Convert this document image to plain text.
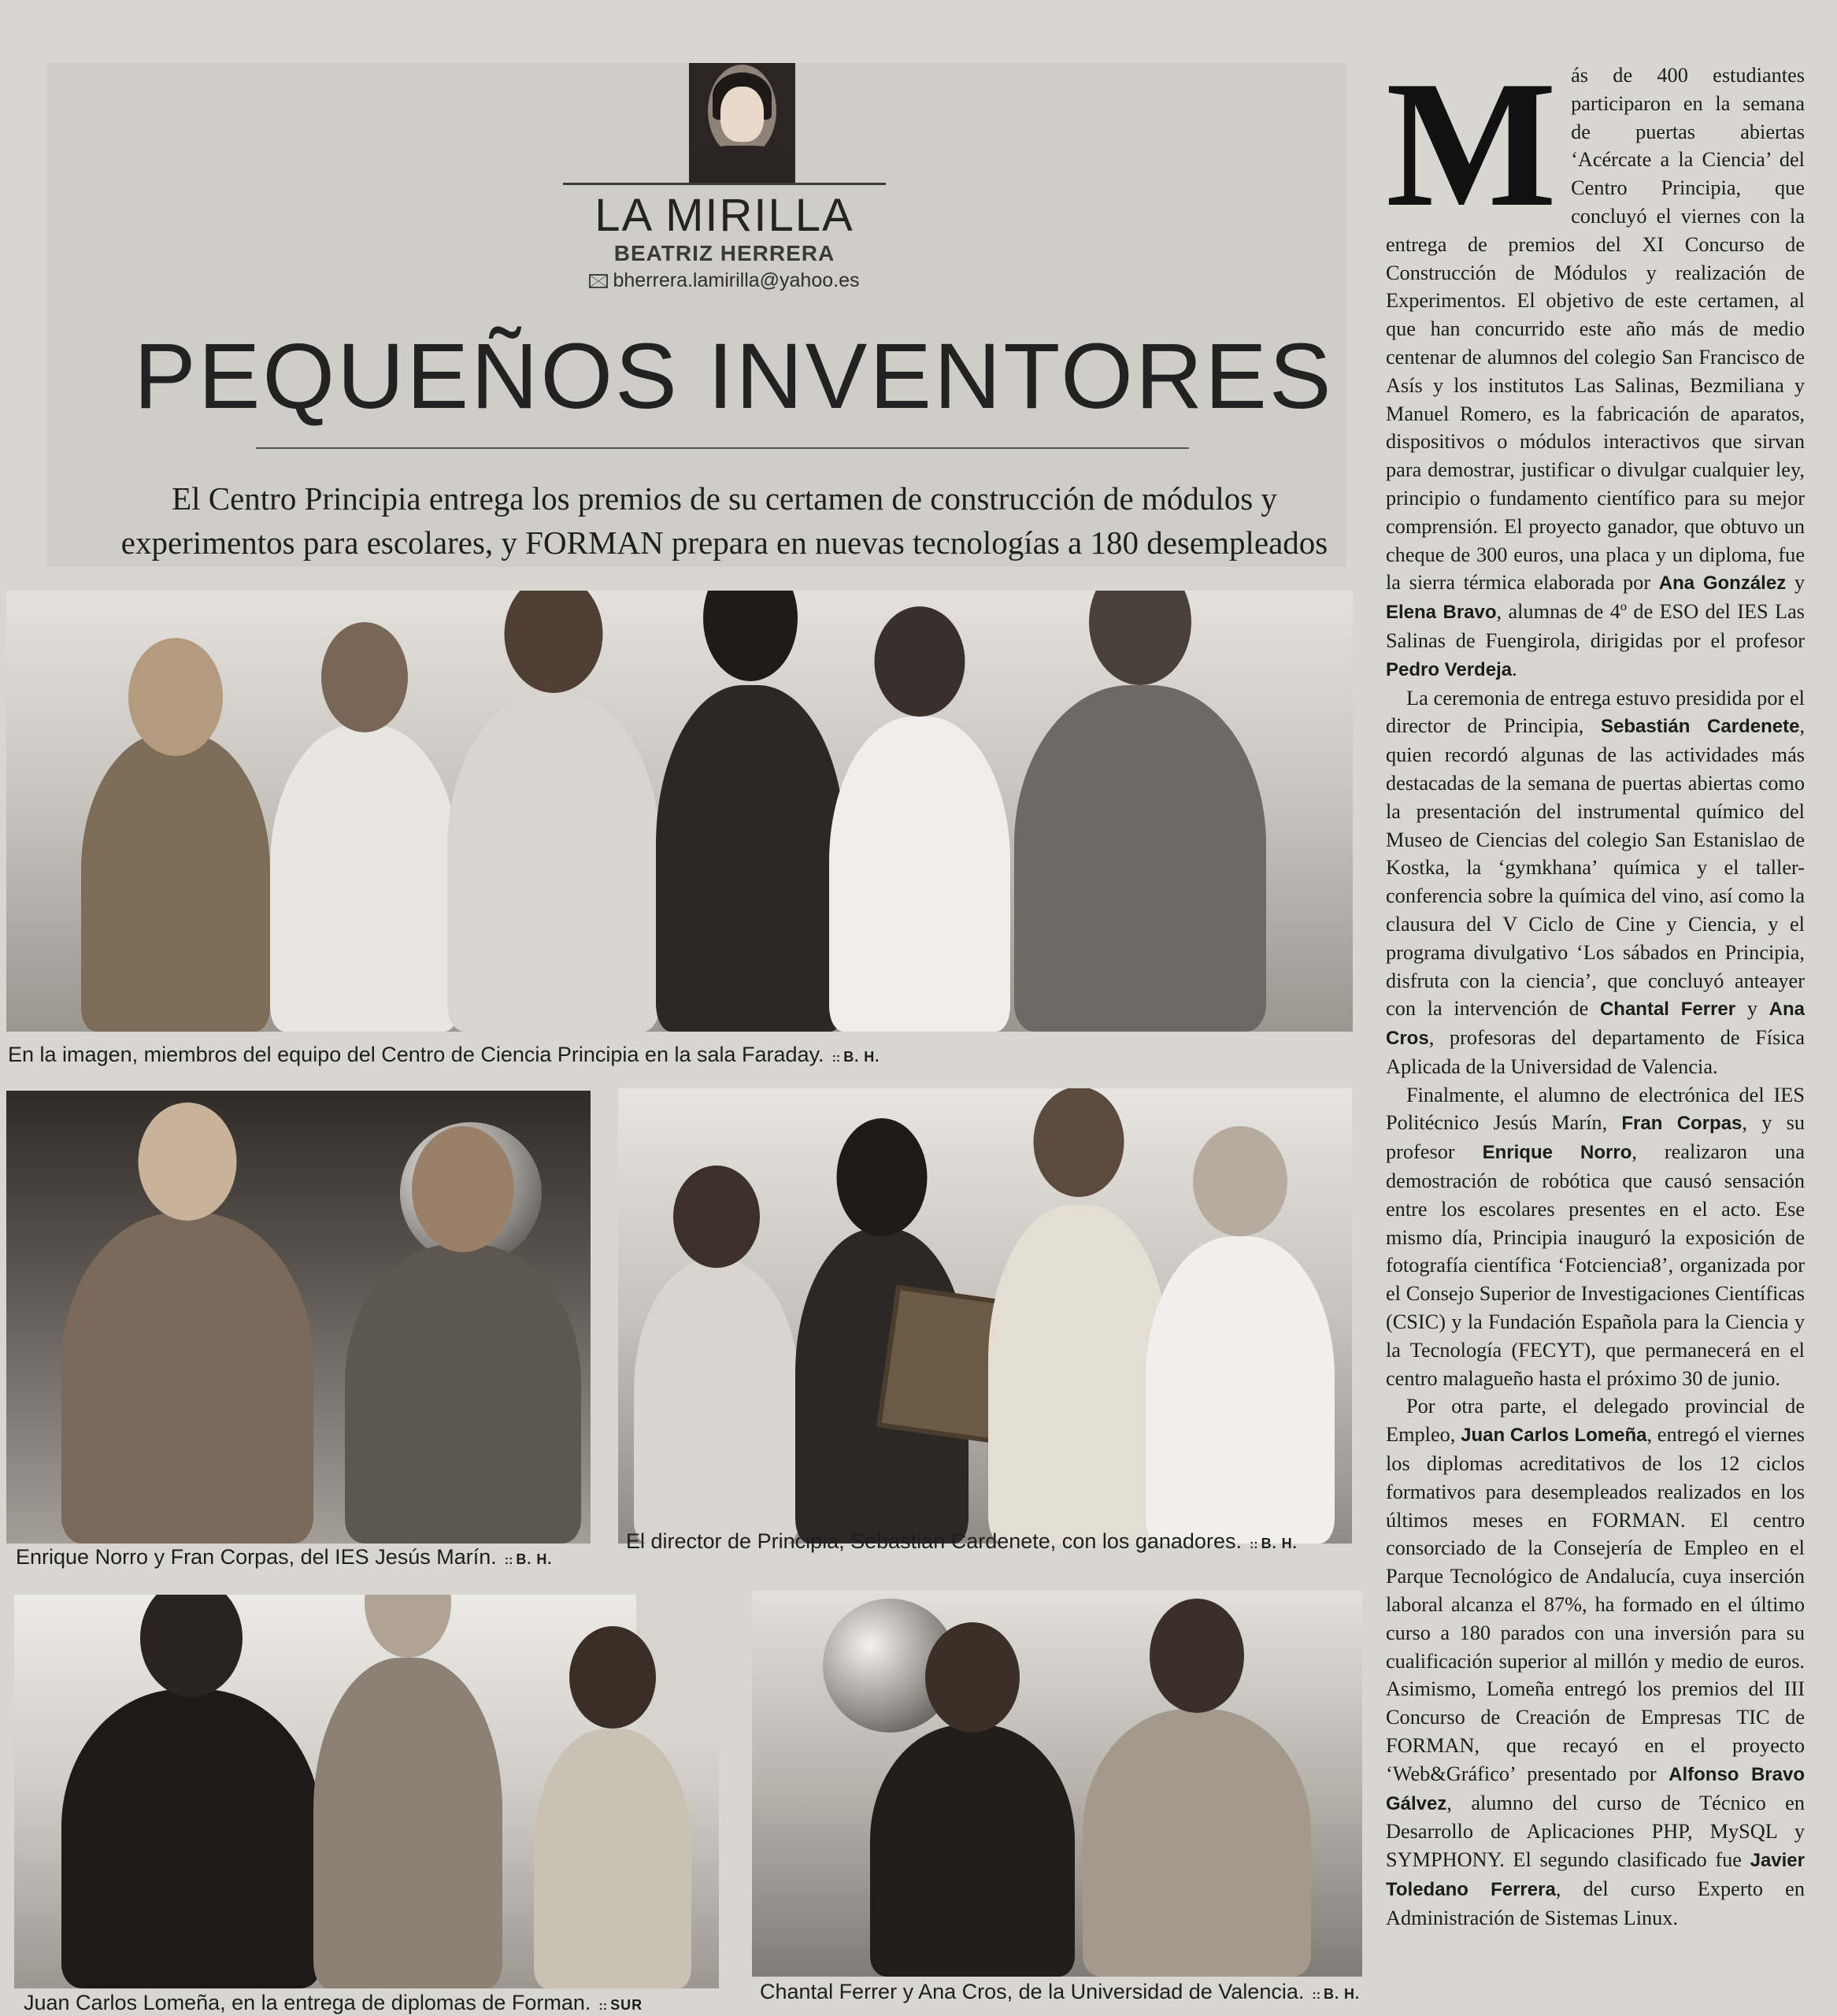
LA MIRILLA
BEATRIZ HERRERA
bherrera.lamirilla@yahoo.es
PEQUEÑOS INVENTORES
El Centro Principia entrega los premios de su certamen de construcción de módulos y
experimentos para escolares, y FORMAN prepara en nuevas tecnologías a 180 desempleados
En la imagen, miembros del equipo del Centro de Ciencia Principia en la sala Faraday. :: B. H.
Enrique Norro y Fran Corpas, del IES Jesús Marín. :: B. H.
El director de Principia, Sebastián Cardenete, con los ganadores. :: B. H.
Juan Carlos Lomeña, en la entrega de diplomas de Forman. :: SUR
Chantal Ferrer y Ana Cros, de la Universidad de Valencia. :: B. H.

Más de 400 estudiantes participaron en la semana de puertas abiertas ‘Acércate a la Ciencia’ del Centro Principia, que concluyó el viernes con la entrega de premios del XI Concurso de Construcción de Módulos y realización de Experimentos. El objetivo de este certamen, al que han concurrido este año más de medio centenar de alumnos del colegio San Francisco de Asís y los institutos Las Salinas, Bezmiliana y Manuel Romero, es la fabricación de aparatos, dispositivos o módulos interactivos que sirvan para demostrar, justificar o divulgar cualquier ley, principio o fundamento científico para su mejor comprensión. El proyecto ganador, que obtuvo un cheque de 300 euros, una placa y un diploma, fue la sierra térmica elaborada por Ana González y Elena Bravo, alumnas de 4º de ESO del IES Las Salinas de Fuengirola, dirigidas por el profesor Pedro Verdeja.

La ceremonia de entrega estuvo presidida por el director de Principia, Sebastián Cardenete, quien recordó algunas de las actividades más destacadas de la semana de puertas abiertas como la presentación del instrumental químico del Museo de Ciencias del colegio San Estanislao de Kostka, la ‘gymkhana’ química y el taller-conferencia sobre la química del vino, así como la clausura del V Ciclo de Cine y Ciencia, y el programa divulgativo ‘Los sábados en Principia, disfruta con la ciencia’, que concluyó anteayer con la intervención de Chantal Ferrer y Ana Cros, profesoras del departamento de Física Aplicada de la Universidad de Valencia.

Finalmente, el alumno de electrónica del IES Politécnico Jesús Marín, Fran Corpas, y su profesor Enrique Norro, realizaron una demostración de robótica que causó sensación entre los escolares presentes en el acto. Ese mismo día, Principia inauguró la exposición de fotografía científica ‘Fotciencia8’, organizada por el Consejo Superior de Investigaciones Científicas (CSIC) y la Fundación Española para la Ciencia y la Tecnología (FECYT), que permanecerá en el centro malagueño hasta el próximo 30 de junio.

Por otra parte, el delegado provincial de Empleo, Juan Carlos Lomeña, entregó el viernes los diplomas acreditativos de los 12 ciclos formativos para desempleados realizados en los últimos meses en FORMAN. El centro consorciado de la Consejería de Empleo en el Parque Tecnológico de Andalucía, cuya inserción laboral alcanza el 87%, ha formado en el último curso a 180 parados con una inversión para su cualificación superior al millón y medio de euros. Asimismo, Lomeña entregó los premios del III Concurso de Creación de Empresas TIC de FORMAN, que recayó en el proyecto ‘Web&Gráfico’ presentado por Alfonso Bravo Gálvez, alumno del curso de Técnico en Desarrollo de Aplicaciones PHP, MySQL y SYMPHONY. El segundo clasificado fue Javier Toledano Ferrera, del curso Experto en Administración de Sistemas Linux.
